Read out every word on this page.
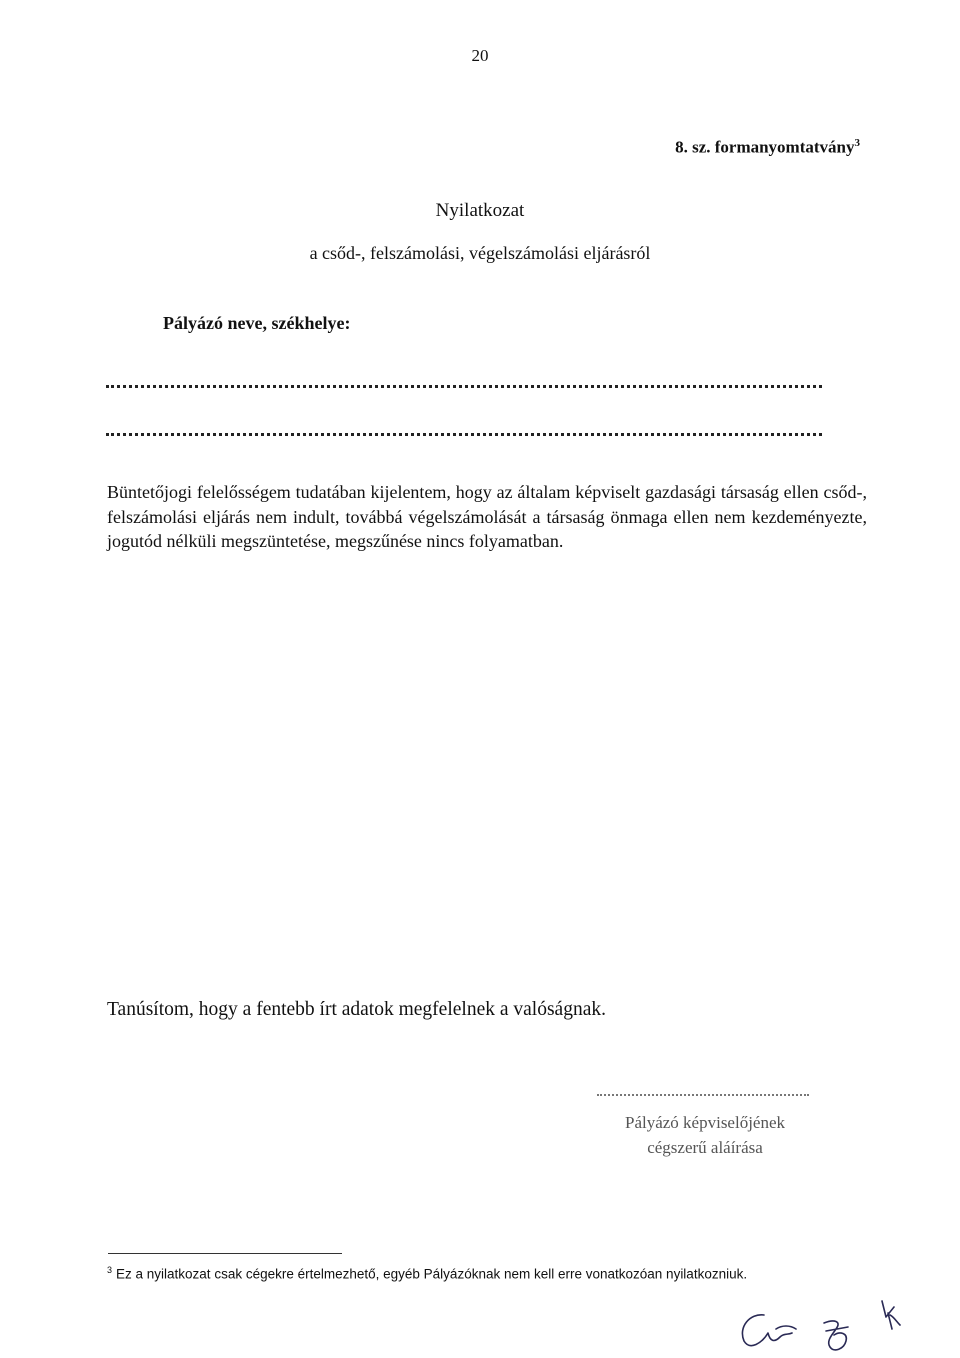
20
8. sz. formanyomtatvány$^3$
Nyilatkozat
a csőd-, felszámolási, végelszámolási eljárásról
Pályázó neve, székhelye:
Büntetőjogi felelősségem tudatában kijelentem, hogy az általam képviselt gazdasági társaság ellen csőd-, felszámolási eljárás nem indult, továbbá végelszámolását a társaság önmaga ellen nem kezdeményezte, jogutód nélküli megszüntetése, megszűnése nincs folyamatban.
Tanúsítom, hogy a fentebb írt adatok megfelelnek a valóságnak.
Pályázó képviselőjének
cégszerű aláírása
$^3$ Ez a nyilatkozat csak cégekre értelmezhető, egyéb Pályázóknak nem kell erre vonatkozóan nyilatkozniuk.
